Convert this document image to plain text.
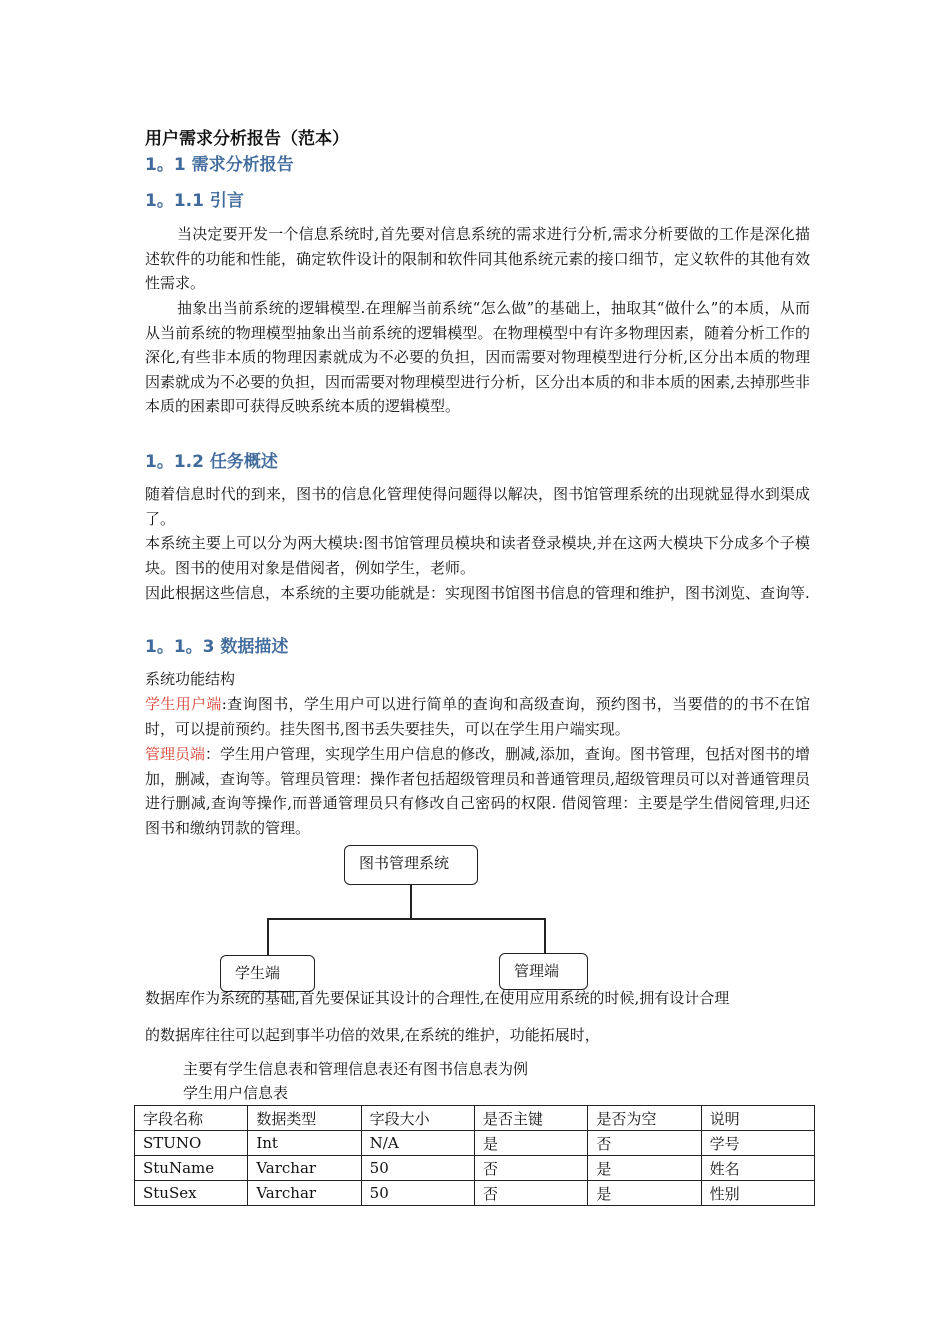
用户需求分析报告（范本）
1。1 需求分析报告
1。1.1 引言
当决定要开发一个信息系统时,首先要对信息系统的需求进行分析,需求分析要做的工作是深化描述软件的功能和性能，确定软件设计的限制和软件同其他系统元素的接口细节，定义软件的其他有效性需求。
抽象出当前系统的逻辑模型.在理解当前系统“怎么做”的基础上，抽取其“做什么”的本质，从而从当前系统的物理模型抽象出当前系统的逻辑模型。在物理模型中有许多物理因素，随着分析工作的深化,有些非本质的物理因素就成为不必要的负担，因而需要对物理模型进行分析,区分出本质的物理因素就成为不必要的负担，因而需要对物理模型进行分析，区分出本质的和非本质的困素,去掉那些非本质的困素即可获得反映系统本质的逻辑模型。
1。1.2 任务概述
随着信息时代的到来，图书的信息化管理使得问题得以解决，图书馆管理系统的出现就显得水到渠成了。
本系统主要上可以分为两大模块:图书馆管理员模块和读者登录模块,并在这两大模块下分成多个子模块。图书的使用对象是借阅者，例如学生，老师。
因此根据这些信息，本系统的主要功能就是：实现图书馆图书信息的管理和维护，图书浏览、查询等.
1。1。3 数据描述
系统功能结构
学生用户端:查询图书，学生用户可以进行简单的查询和高级查询，预约图书，当要借的的书不在馆时，可以提前预约。挂失图书,图书丢失要挂失，可以在学生用户端实现。
管理员端：学生用户管理，实现学生用户信息的修改，删减,添加，查询。图书管理，包括对图书的增加，删减，查询等。管理员管理：操作者包括超级管理员和普通管理员,超级管理员可以对普通管理员进行删减,查询等操作,而普通管理员只有修改自己密码的权限. 借阅管理：主要是学生借阅管理,归还图书和缴纳罚款的管理。
图书管理系统
学生端	管理端
数据库作为系统的基础,首先要保证其设计的合理性,在使用应用系统的时候,拥有设计合理
的数据库往往可以起到事半功倍的效果,在系统的维护，功能拓展时，
主要有学生信息表和管理信息表还有图书信息表为例
学生用户信息表
字段名称	数据类型	字段大小	是否主键	是否为空	说明
STUNO	Int	N/A	是	否	学号
StuName	Varchar	50	否	是	姓名
StuSex	Varchar	50	否	是	性别
